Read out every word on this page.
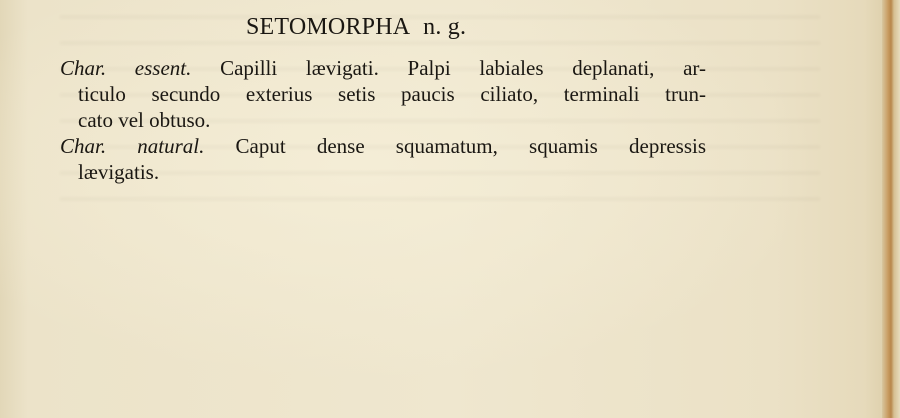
SETOMORPHA n. g.
Char. essent. Capilli lævigati. Palpi labiales deplanati, ar-
ticulo secundo exterius setis paucis ciliato, terminali trun-
cato vel obtuso.
Char. natural. Caput dense squamatum, squamis depressis
lævigatis.
